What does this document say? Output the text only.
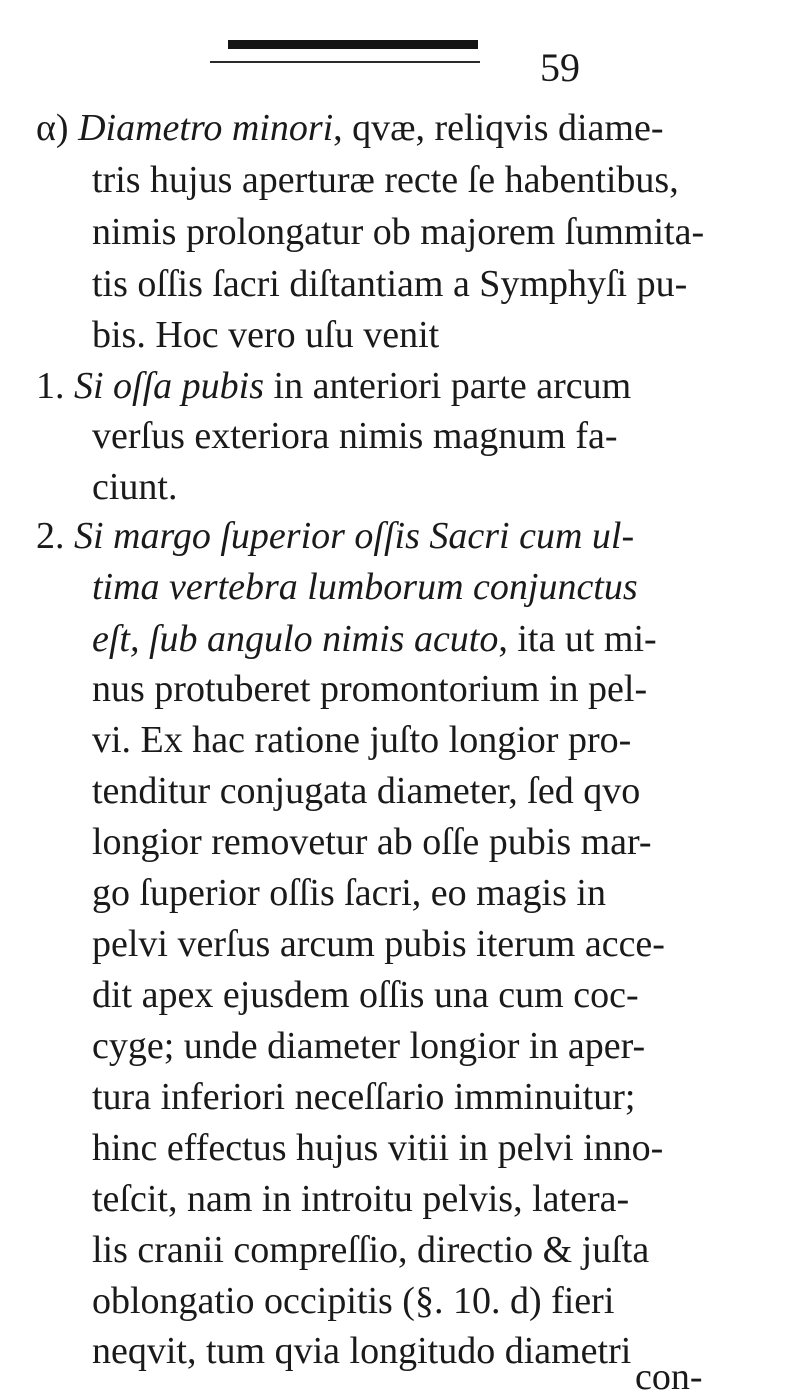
59
α) Diametro minori, qvæ, reliqvis diame-
tris hujus aperturæ recte ſe habentibus,
nimis prolongatur ob majorem ſummita-
tis oſſis ſacri diſtantiam a Symphyſi pu-
bis. Hoc vero uſu venit
1. Si oſſa pubis in anteriori parte arcum
verſus exteriora nimis magnum fa-
ciunt.
2. Si margo ſuperior oſſis Sacri cum ul-
tima vertebra lumborum conjunctus
eſt, ſub angulo nimis acuto, ita ut mi-
nus protuberet promontorium in pel-
vi. Ex hac ratione juſto longior pro-
tenditur conjugata diameter, ſed qvo
longior removetur ab oſſe pubis mar-
go ſuperior oſſis ſacri, eo magis in
pelvi verſus arcum pubis iterum acce-
dit apex ejusdem oſſis una cum coc-
cyge; unde diameter longior in aper-
tura inferiori neceſſario imminuitur;
hinc effectus hujus vitii in pelvi inno-
teſcit, nam in introitu pelvis, latera-
lis cranii compreſſio, directio & juſta
oblongatio occipitis (§. 10. d) fieri
neqvit, tum qvia longitudo diametri
con-
